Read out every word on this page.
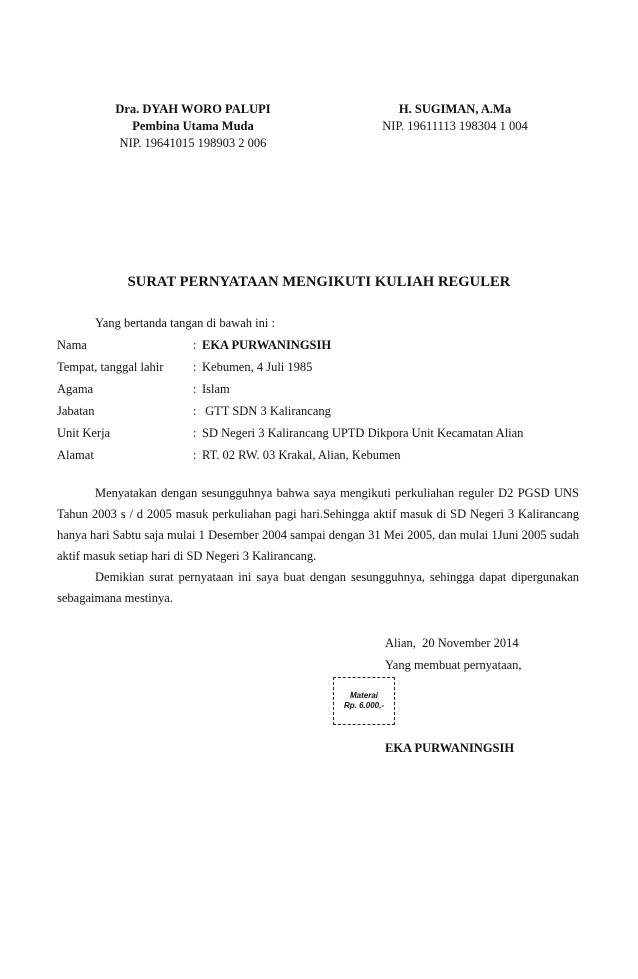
Dra. DYAH WORO PALUPI
Pembina Utama Muda
NIP. 19641015 198903 2 006
H. SUGIMAN, A.Ma
NIP. 19611113 198304 1 004
SURAT PERNYATAAN MENGIKUTI KULIAH REGULER
Yang bertanda tangan di bawah ini :
Nama	: EKA PURWANINGSIH
Tempat, tanggal lahir : Kebumen, 4 Juli 1985
Agama	: Islam
Jabatan	: GTT SDN 3 Kalirancang
Unit Kerja	: SD Negeri 3 Kalirancang UPTD Dikpora Unit Kecamatan Alian
Alamat	: RT. 02 RW. 03 Krakal, Alian, Kebumen

Menyatakan dengan sesungguhnya bahwa saya mengikuti perkuliahan reguler D2 PGSD UNS Tahun 2003 s / d 2005 masuk perkuliahan pagi hari.Sehingga aktif masuk di SD Negeri 3 Kalirancang hanya hari Sabtu saja mulai 1 Desember 2004 sampai dengan 31 Mei 2005, dan mulai 1Juni 2005 sudah aktif masuk setiap hari di SD Negeri 3 Kalirancang.

Demikian surat pernyataan ini saya buat dengan sesungguhnya, sehingga dapat dipergunakan sebagaimana mestinya.

Alian,  20 November 2014
Yang membuat pernyataan,
Materai
Rp. 6.000,-
EKA PURWANINGSIH
